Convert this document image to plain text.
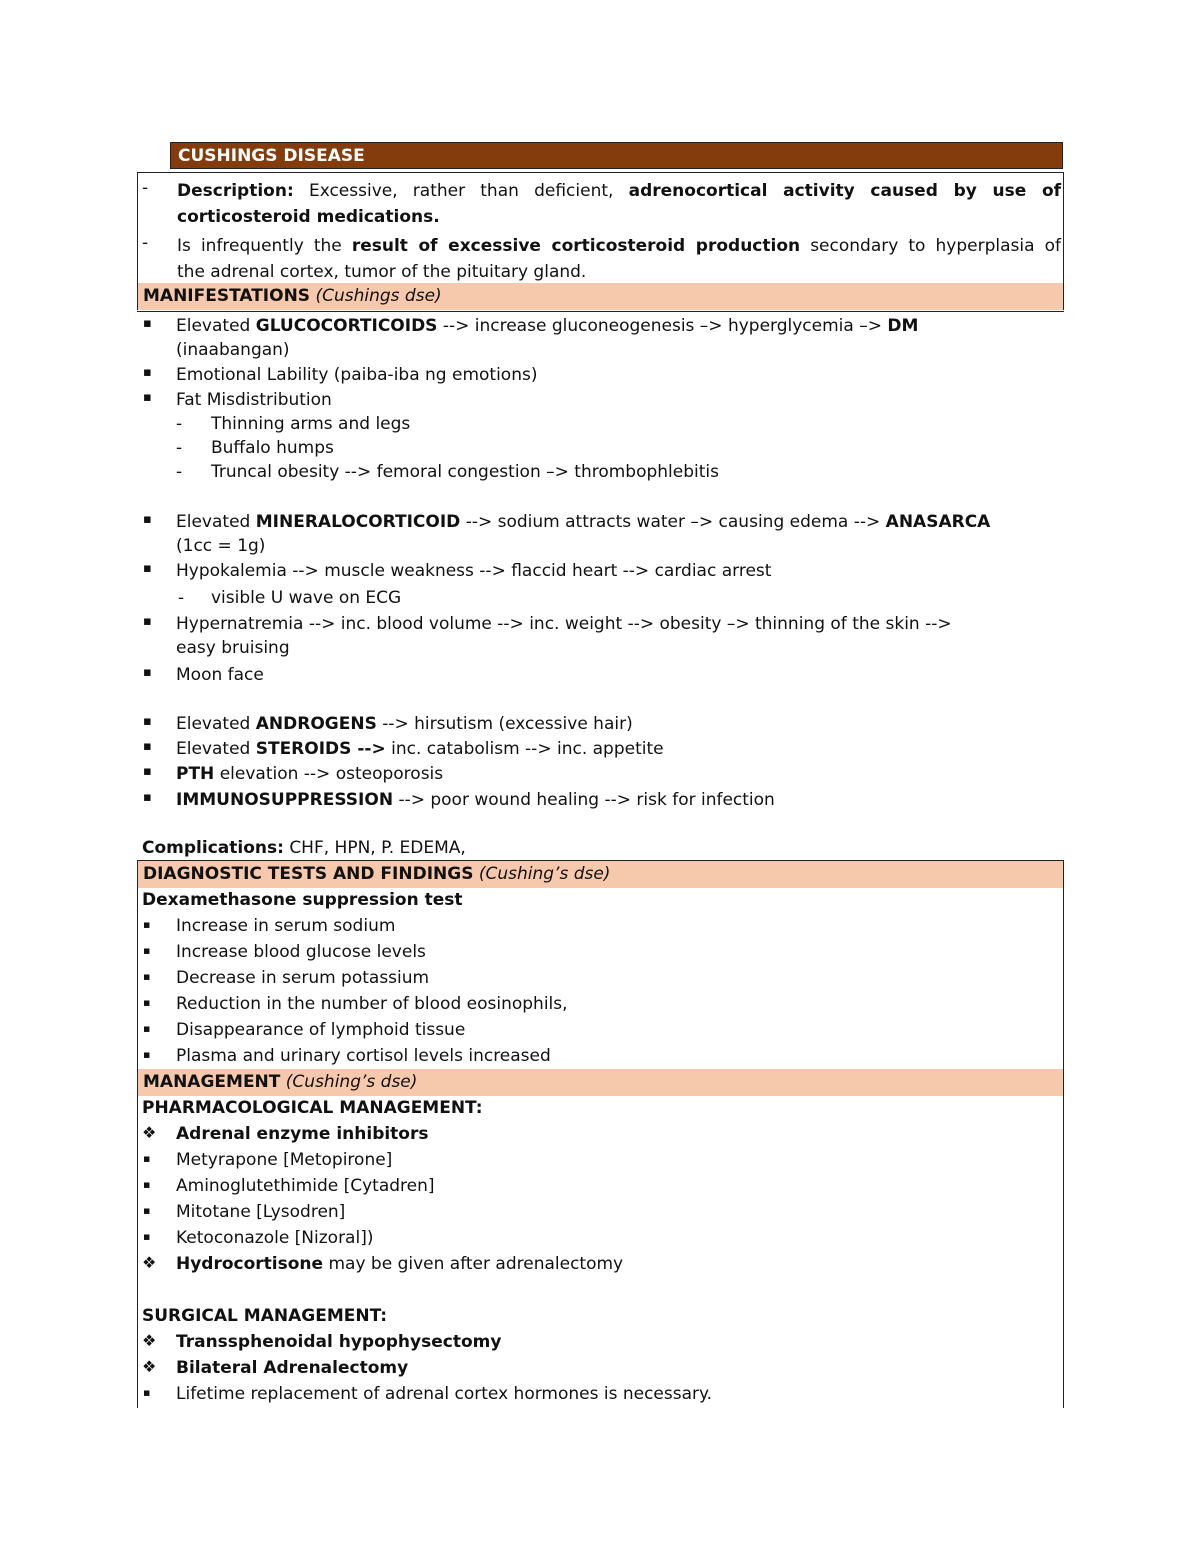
CUSHINGS DISEASE
- Description: Excessive, rather than deficient, adrenocortical activity caused by use of
corticosteroid medications.
- Is infrequently the result of excessive corticosteroid production secondary to hyperplasia of
the adrenal cortex, tumor of the pituitary gland.
MANIFESTATIONS (Cushings dse)
▪ Elevated GLUCOCORTICOIDS --> increase gluconeogenesis –> hyperglycemia –> DM
(inaabangan)
▪ Emotional Lability (paiba-iba ng emotions)
▪ Fat Misdistribution
- Thinning arms and legs
- Buffalo humps
- Truncal obesity --> femoral congestion –> thrombophlebitis
▪ Elevated MINERALOCORTICOID --> sodium attracts water –> causing edema --> ANASARCA
(1cc = 1g)
▪ Hypokalemia --> muscle weakness --> flaccid heart --> cardiac arrest
- visible U wave on ECG
▪ Hypernatremia --> inc. blood volume --> inc. weight --> obesity –> thinning of the skin -->
easy bruising
▪ Moon face
▪ Elevated ANDROGENS --> hirsutism (excessive hair)
▪ Elevated STEROIDS --> inc. catabolism --> inc. appetite
▪ PTH elevation --> osteoporosis
▪ IMMUNOSUPPRESSION --> poor wound healing --> risk for infection
Complications: CHF, HPN, P. EDEMA,
DIAGNOSTIC TESTS AND FINDINGS (Cushing’s dse)
Dexamethasone suppression test
▪ Increase in serum sodium
▪ Increase blood glucose levels
▪ Decrease in serum potassium
▪ Reduction in the number of blood eosinophils,
▪ Disappearance of lymphoid tissue
▪ Plasma and urinary cortisol levels increased
MANAGEMENT (Cushing’s dse)
PHARMACOLOGICAL MANAGEMENT:
❖ Adrenal enzyme inhibitors
▪ Metyrapone [Metopirone]
▪ Aminoglutethimide [Cytadren]
▪ Mitotane [Lysodren]
▪ Ketoconazole [Nizoral])
❖ Hydrocortisone may be given after adrenalectomy
SURGICAL MANAGEMENT:
❖ Transsphenoidal hypophysectomy
❖ Bilateral Adrenalectomy
▪ Lifetime replacement of adrenal cortex hormones is necessary.
